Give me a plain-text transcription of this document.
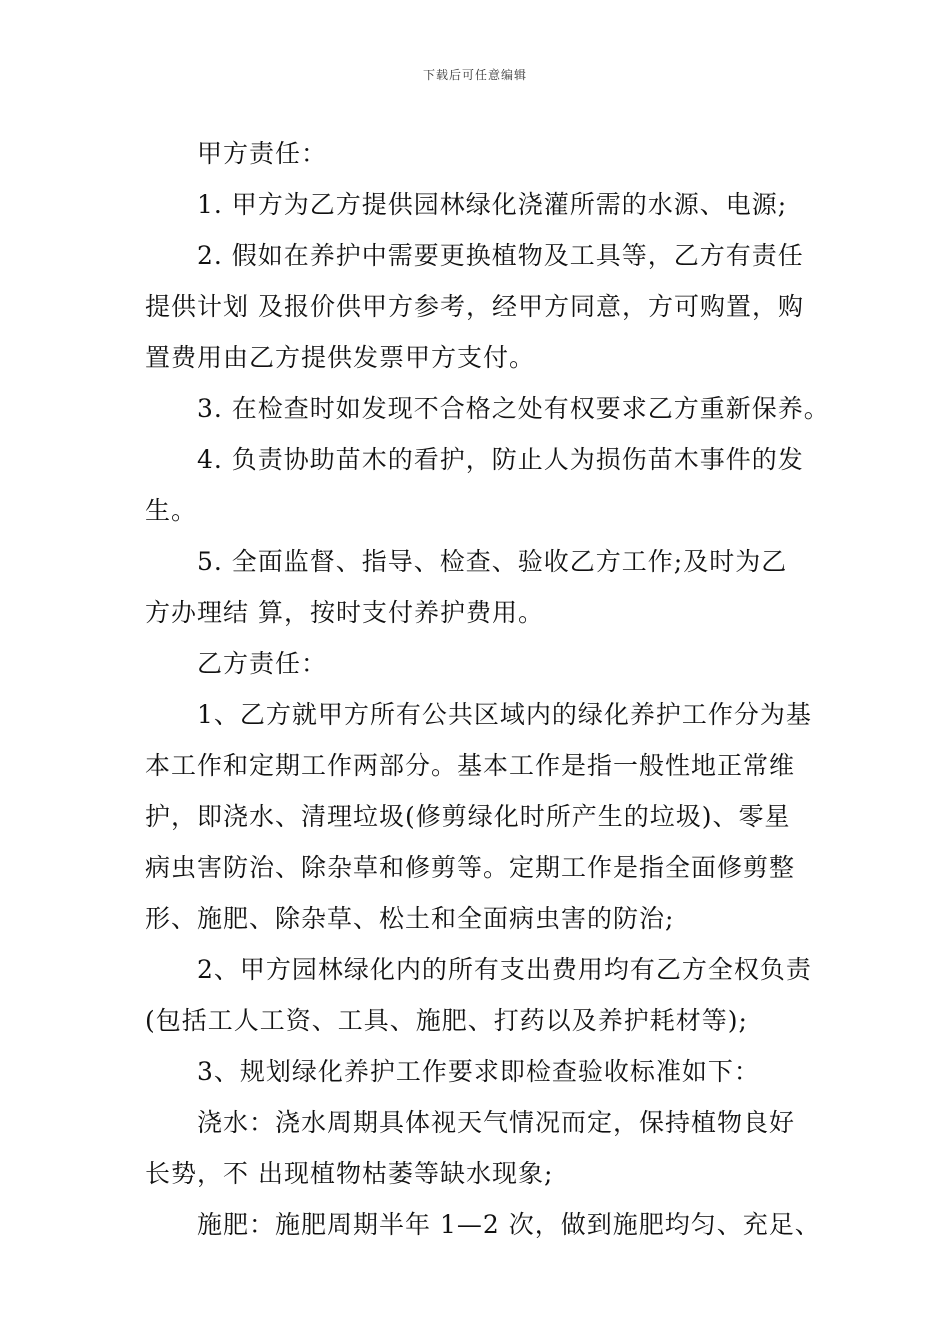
下载后可任意编辑
甲方责任：
1. 甲方为乙方提供园林绿化浇灌所需的水源、电源;
2. 假如在养护中需要更换植物及工具等，乙方有责任
提供计划 及报价供甲方参考，经甲方同意，方可购置，购
置费用由乙方提供发票甲方支付。
3. 在检查时如发现不合格之处有权要求乙方重新保养。
4. 负责协助苗木的看护，防止人为损伤苗木事件的发
生。
5. 全面监督、指导、检查、验收乙方工作;及时为乙
方办理结 算，按时支付养护费用。
乙方责任：
1、乙方就甲方所有公共区域内的绿化养护工作分为基
本工作和定期工作两部分。基本工作是指一般性地正常维
护，即浇水、清理垃圾(修剪绿化时所产生的垃圾)、零星
病虫害防治、除杂草和修剪等。定期工作是指全面修剪整
形、施肥、除杂草、松土和全面病虫害的防治;
2、甲方园林绿化内的所有支出费用均有乙方全权负责
(包括工人工资、工具、施肥、打药以及养护耗材等);
3、规划绿化养护工作要求即检查验收标准如下：
浇水：浇水周期具体视天气情况而定，保持植物良好
长势，不 出现植物枯萎等缺水现象;
施肥：施肥周期半年 1—2 次，做到施肥均匀、充足、
